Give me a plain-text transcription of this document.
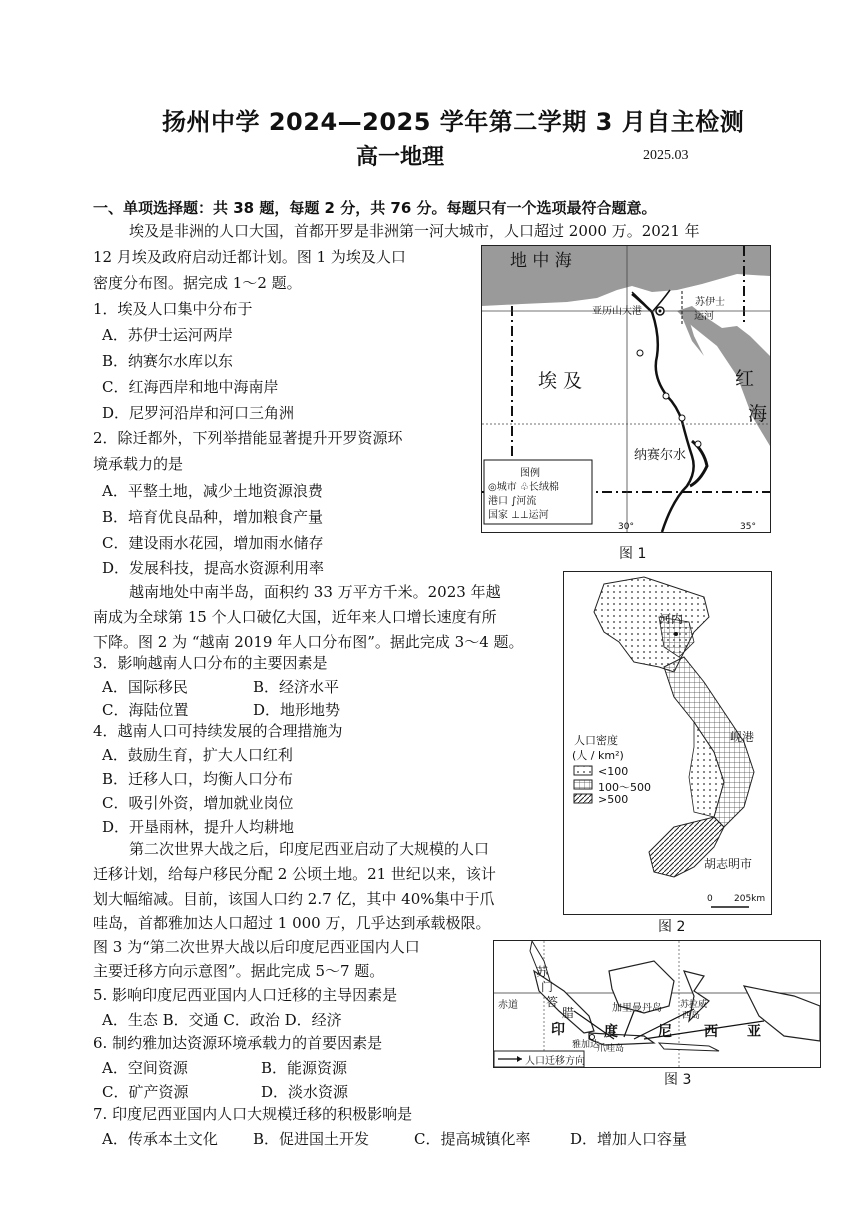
扬州中学 2024—2025 学年第二学期 3 月自主检测
高一地理	2025.03
一、单项选择题：共 38 题，每题 2 分，共 76 分。每题只有一个选项最符合题意。
埃及是非洲的人口大国，首都开罗是非洲第一河大城市，人口超过 2000 万。2021 年
12 月埃及政府启动迁都计划。图 1 为埃及人口
密度分布图。据完成 1～2 题。
1．埃及人口集中分布于
A．苏伊士运河两岸
B．纳赛尔水库以东
C．红海西岸和地中海南岸
D．尼罗河沿岸和河口三角洲
2．除迁都外，下列举措能显著提升开罗资源环
境承载力的是
A．平整土地，减少土地资源浪费
B．培育优良品种，增加粮食产量
C．建设雨水花园，增加雨水储存
D．发展科技，提高水资源利用率
越南地处中南半岛，面积约 33 万平方千米。2023 年越
南成为全球第 15 个人口破亿大国，近年来人口增长速度有所
下降。图 2 为 “越南 2019 年人口分布图”。据此完成 3～4 题。
3．影响越南人口分布的主要因素是
A．国际移民	B．经济水平
C．海陆位置	D．地形地势
4．越南人口可持续发展的合理措施为
A．鼓励生育，扩大人口红利
B．迁移人口，均衡人口分布
C．吸引外资，增加就业岗位
D．开垦雨林，提升人均耕地
第二次世界大战之后，印度尼西亚启动了大规模的人口
迁移计划，给每户移民分配 2 公顷土地。21 世纪以来，该计
划大幅缩减。目前，该国人口约 2.7 亿，其中 40%集中于爪
哇岛，首都雅加达人口超过 1 000 万，几乎达到承载极限。
图 3 为“第二次世界大战以后印度尼西亚国内人口
主要迁移方向示意图”。据此完成 5～7 题。
5. 影响印度尼西亚国内人口迁移的主导因素是
A．生态 B．交通 C．政治 D．经济
6. 制约雅加达资源环境承载力的首要因素是
A．空间资源	B．能源资源
C．矿产资源	D．淡水资源
7. 印度尼西亚国内人口大规模迁移的积极影响是
A．传承本土文化 B．促进国土开发	C．提高城镇化率	D．增加人口容量
地 中 海
亚历山大港
苏伊士
运河
埃 及	红
海
纳赛尔水
30°	35°
图例
◎城市 ♧长绒棉
港口 ∫河流
国家 ⊥⊥运河
图 1
河内
岘港
胡志明市
人口密度
(人 / km²)
<100
100～500
>500
0 205km
图 2
赤道
苏
门
答
腊	加里曼丹岛 苏拉威
西岛
爪哇岛
雅加达
印	度	尼 西 亚
人口迁移方向
图 3
